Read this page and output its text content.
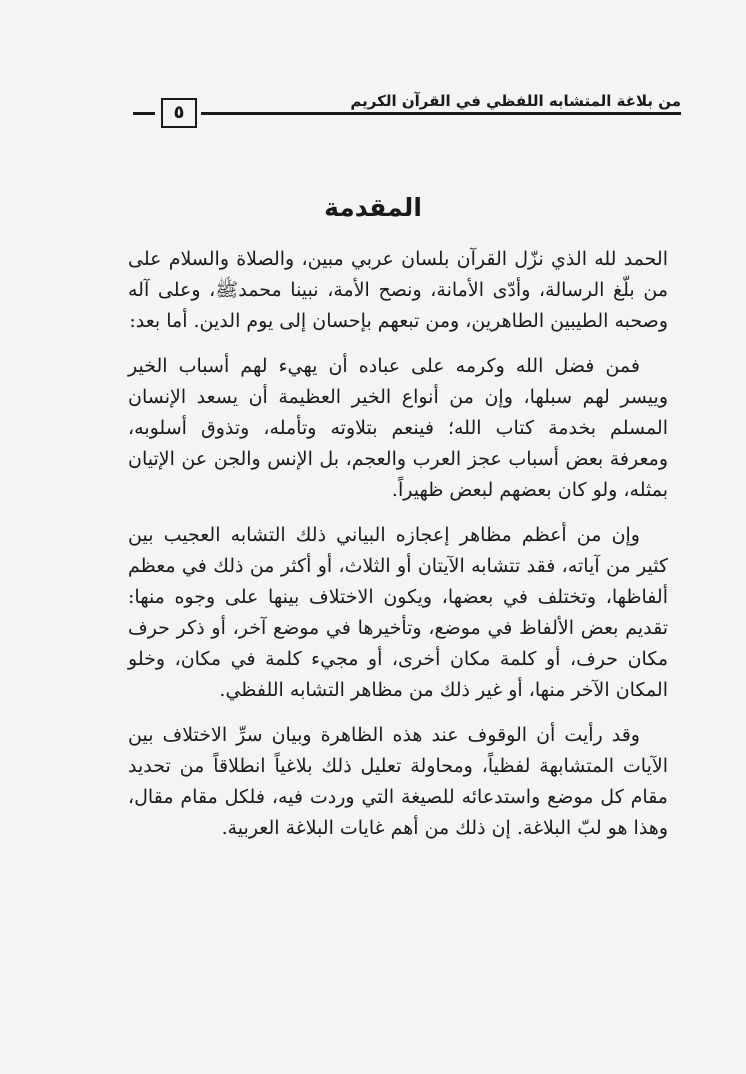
٥
من بلاغة المتشابه اللفظي في القرآن الكريم
المقدمة

الحمد لله الذي نزّل القرآن بلسان عربي مبين، والصلاة والسلام على من بلّغ الرسالة، وأدّى الأمانة، ونصح الأمة، نبينا محمدﷺ، وعلى آله وصحبه الطيبين الطاهرين، ومن تبعهم بإحسان إلى يوم الدين. أما بعد:

فمن فضل الله وكرمه على عباده أن يهيء لهم أسباب الخير وييسر لهم سبلها، وإن من أنواع الخير العظيمة أن يسعد الإنسان المسلم بخدمة كتاب الله؛ فينعم بتلاوته وتأمله، وتذوق أسلوبه، ومعرفة بعض أسباب عجز العرب والعجم، بل الإنس والجن عن الإتيان بمثله، ولو كان بعضهم لبعض ظهيراً.

وإن من أعظم مظاهر إعجازه البياني ذلك التشابه العجيب بين كثير من آياته، فقد تتشابه الآيتان أو الثلاث، أو أكثر من ذلك في معظم ألفاظها، وتختلف في بعضها، ويكون الاختلاف بينها على وجوه منها: تقديم بعض الألفاظ في موضع، وتأخيرها في موضع آخر، أو ذكر حرف مكان حرف، أو كلمة مكان أخرى، أو مجيء كلمة في مكان، وخلو المكان الآخر منها، أو غير ذلك من مظاهر التشابه اللفظي.

وقد رأيت أن الوقوف عند هذه الظاهرة وبيان سرِّ الاختلاف بين الآيات المتشابهة لفظياً، ومحاولة تعليل ذلك بلاغياً انطلاقاً من تحديد مقام كل موضع واستدعائه للصيغة التي وردت فيه، فلكل مقام مقال، وهذا هو لبّ البلاغة. إن ذلك من أهم غايات البلاغة العربية.
